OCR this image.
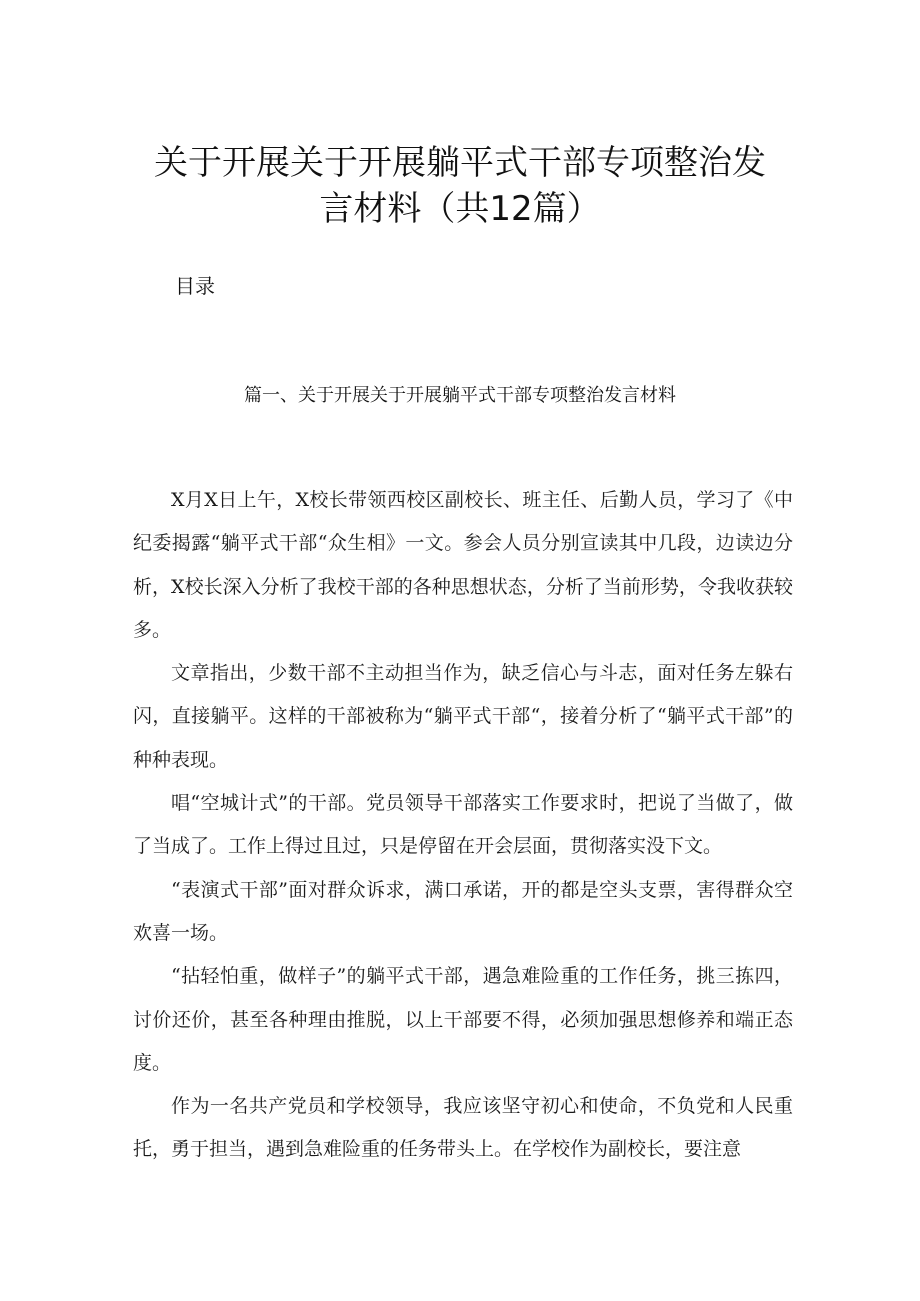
关于开展关于开展躺平式干部专项整治发
言材料（共12篇）
目录
篇一、关于开展关于开展躺平式干部专项整治发言材料

X月X日上午，X校长带领西校区副校长、班主任、后勤人员，学习了《中纪委揭露“躺平式干部“众生相》一文。参会人员分别宣读其中几段，边读边分析，X校长深入分析了我校干部的各种思想状态，分析了当前形势，令我收获较多。

文章指出，少数干部不主动担当作为，缺乏信心与斗志，面对任务左躲右闪，直接躺平。这样的干部被称为“躺平式干部“，接着分析了“躺平式干部”的种种表现。

唱“空城计式”的干部。党员领导干部落实工作要求时，把说了当做了，做了当成了。工作上得过且过，只是停留在开会层面，贯彻落实没下文。

“表演式干部”面对群众诉求，满口承诺，开的都是空头支票，害得群众空欢喜一场。

“拈轻怕重，做样子”的躺平式干部，遇急难险重的工作任务，挑三拣四，讨价还价，甚至各种理由推脱，以上干部要不得，必须加强思想修养和端正态度。

作为一名共产党员和学校领导，我应该坚守初心和使命，不负党和人民重托，勇于担当，遇到急难险重的任务带头上。在学校作为副校长，要注意
